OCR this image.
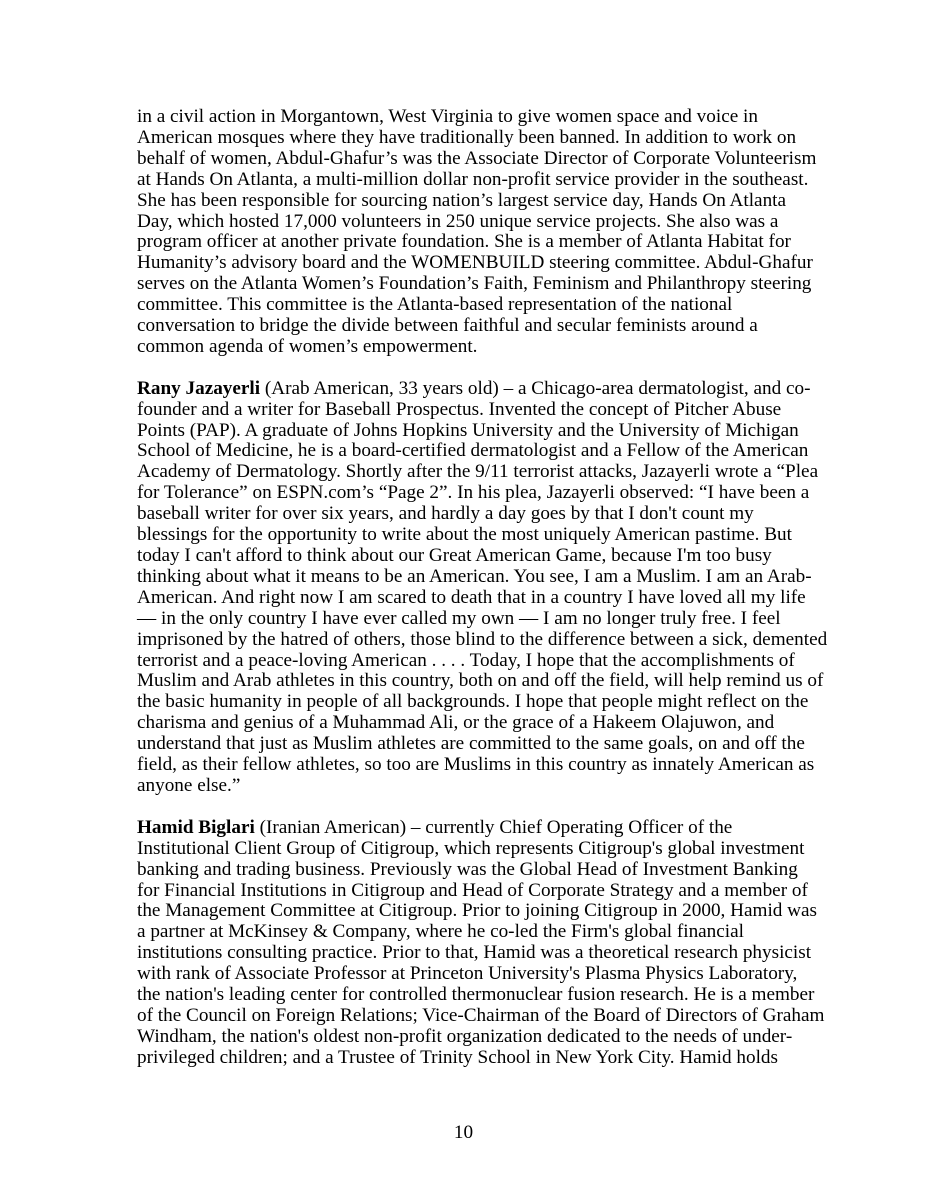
in a civil action in Morgantown, West Virginia to give women space and voice in
American mosques where they have traditionally been banned. In addition to work on
behalf of women, Abdul-Ghafur’s was the Associate Director of Corporate Volunteerism
at Hands On Atlanta, a multi-million dollar non-profit service provider in the southeast.
She has been responsible for sourcing nation’s largest service day, Hands On Atlanta
Day, which hosted 17,000 volunteers in 250 unique service projects. She also was a
program officer at another private foundation. She is a member of Atlanta Habitat for
Humanity’s advisory board and the WOMENBUILD steering committee. Abdul-Ghafur
serves on the Atlanta Women’s Foundation’s Faith, Feminism and Philanthropy steering
committee. This committee is the Atlanta-based representation of the national
conversation to bridge the divide between faithful and secular feminists around a
common agenda of women’s empowerment.

Rany Jazayerli (Arab American, 33 years old) – a Chicago-area dermatologist, and co-
founder and a writer for Baseball Prospectus. Invented the concept of Pitcher Abuse
Points (PAP). A graduate of Johns Hopkins University and the University of Michigan
School of Medicine, he is a board-certified dermatologist and a Fellow of the American
Academy of Dermatology. Shortly after the 9/11 terrorist attacks, Jazayerli wrote a “Plea
for Tolerance” on ESPN.com’s “Page 2”. In his plea, Jazayerli observed: “I have been a
baseball writer for over six years, and hardly a day goes by that I don't count my
blessings for the opportunity to write about the most uniquely American pastime. But
today I can't afford to think about our Great American Game, because I'm too busy
thinking about what it means to be an American. You see, I am a Muslim. I am an Arab-
American. And right now I am scared to death that in a country I have loved all my life
— in the only country I have ever called my own — I am no longer truly free. I feel
imprisoned by the hatred of others, those blind to the difference between a sick, demented
terrorist and a peace-loving American . . . . Today, I hope that the accomplishments of
Muslim and Arab athletes in this country, both on and off the field, will help remind us of
the basic humanity in people of all backgrounds. I hope that people might reflect on the
charisma and genius of a Muhammad Ali, or the grace of a Hakeem Olajuwon, and
understand that just as Muslim athletes are committed to the same goals, on and off the
field, as their fellow athletes, so too are Muslims in this country as innately American as
anyone else.”

Hamid Biglari (Iranian American) – currently Chief Operating Officer of the
Institutional Client Group of Citigroup, which represents Citigroup's global investment
banking and trading business. Previously was the Global Head of Investment Banking
for Financial Institutions in Citigroup and Head of Corporate Strategy and a member of
the Management Committee at Citigroup. Prior to joining Citigroup in 2000, Hamid was
a partner at McKinsey & Company, where he co-led the Firm's global financial
institutions consulting practice. Prior to that, Hamid was a theoretical research physicist
with rank of Associate Professor at Princeton University's Plasma Physics Laboratory,
the nation's leading center for controlled thermonuclear fusion research. He is a member
of the Council on Foreign Relations; Vice-Chairman of the Board of Directors of Graham
Windham, the nation's oldest non-profit organization dedicated to the needs of under-
privileged children; and a Trustee of Trinity School in New York City. Hamid holds

10
